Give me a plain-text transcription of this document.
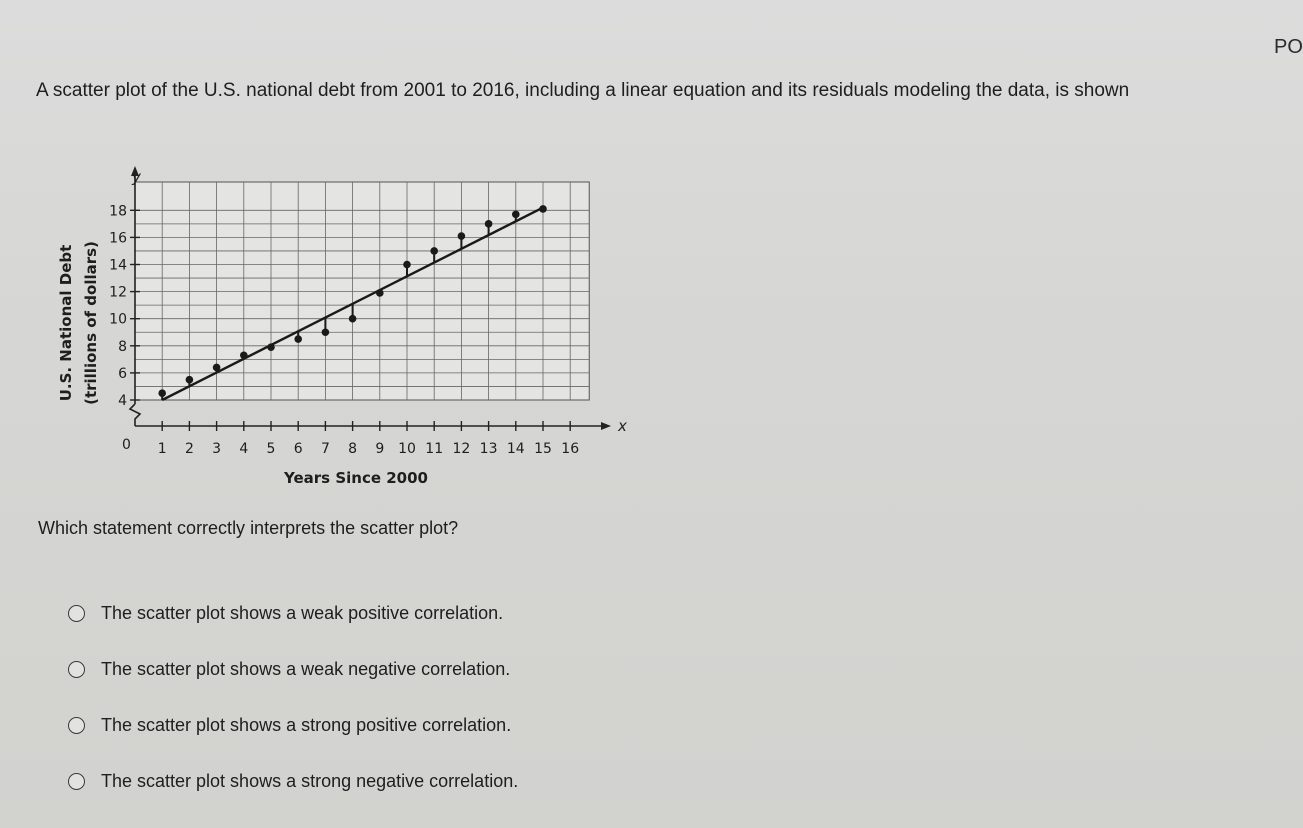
PO
A scatter plot of the U.S. national debt from 2001 to 2016, including a linear equation and its residuals modeling the data, is shown
1 2 3 4 5 6 7 8 9 10 11 12 13 14 15 16
4
6
8
10
12
14
16
18
Years Since 2000
U.S. National Debt (trillions of dollars)
x
y
0
Which statement correctly interprets the scatter plot?
The scatter plot shows a weak positive correlation.
The scatter plot shows a weak negative correlation.
The scatter plot shows a strong positive correlation.
The scatter plot shows a strong negative correlation.
